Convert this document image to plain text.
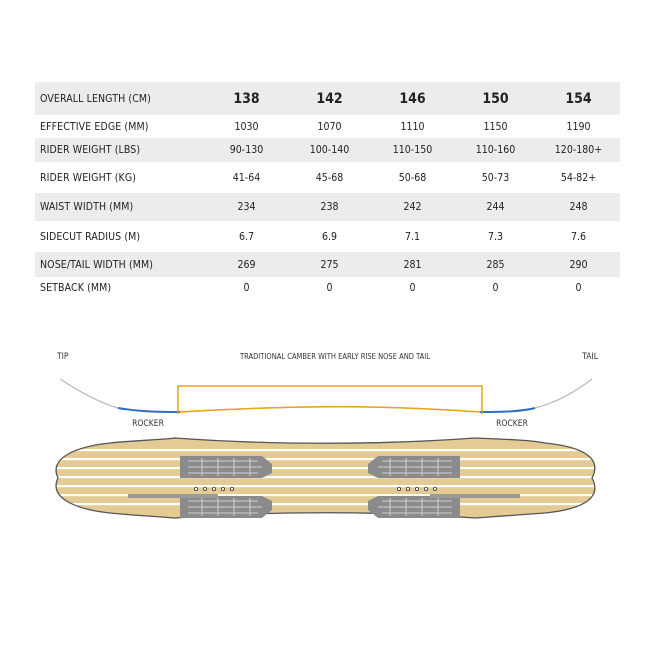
OVERALL LENGTH (CM)	138	142	146	150	154
EFFECTIVE EDGE (MM)	1030	1070	1110	1150	1190
RIDER WEIGHT (LBS)	90-130	100-140	110-150	110-160	120-180+
RIDER WEIGHT (KG)	41-64	45-68	50-68	50-73	54-82+
WAIST WIDTH (MM)	234	238	242	244	248
SIDECUT RADIUS (M)	6.7	6.9	7.1	7.3	7.6
NOSE/TAIL WIDTH (MM)	269	275	281	285	290
SETBACK (MM)	0	0	0	0	0
TIP	TRADITIONAL CAMBER WITH EARLY RISE NOSE AND TAIL	TAIL
ROCKER	ROCKER
